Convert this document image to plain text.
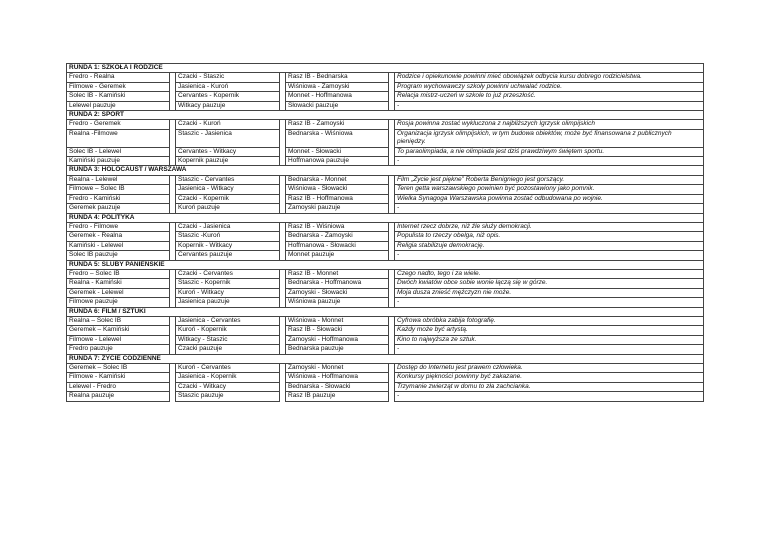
RUNDA 1: SZKOŁA I RODZICE						
Fredro - Realna		Czacki - Staszic		Rasz IB - Bednarska		Rodzice i opiekunowie powinni mieć obowiązek odbycia kursu dobrego rodzicielstwa.
Filmowe - Geremek		Jasienica - Kuroń		Wiśniowa - Zamoyski		Program wychowawczy szkoły powinni uchwalać rodzice.
Solec IB - Kamiński		Cervantes - Kopernik		Monnet - Hoffmanowa		Relacja mistrz-uczeń w szkole to już przeszłość.
Lelewel pauzuje		Witkacy pauzuje		Słowacki pauzuje		-
RUNDA 2: SPORT						
Fredro - Geremek		Czacki - Kuroń		Rasz IB - Zamoyski		Rosja powinna zostać wykluczona z najbliższych Igrzysk olimpijskich
Realna -Filmowe		Staszic - Jasienica		Bednarska - Wiśniowa		Organizacja igrzysk olimpijskich, w tym budowa obiektów, może być finansowana z publicznych pieniędzy.
Solec IB - Lelewel		Cervantes - Witkacy		Monnet - Słowacki		To paraolimpiada, a nie olimpiada jest dziś prawdziwym świętem sportu.
Kamiński pauzuje		Kopernik pauzuje		Hoffmanowa pauzuje		-
RUNDA 3: HOLOCAUST / WARSZAWA						
Realna - Lelewel		Staszic - Cervantes		Bednarska - Monnet		Film „Życie jest piękne” Roberta Benigniego jest gorszący.
Filmowe – Solec IB		Jasienica - Witkacy		Wiśniowa - Słowacki		Teren getta warszawskiego powinien być pozostawiony jako pomnik.
Fredro - Kamiński		Czacki - Kopernik		Rasz IB - Hoffmanowa		Wielka Synagoga Warszawska powinna zostać odbudowana po wojnie.
Geremek pauzuje		Kuroń pauzuje		Zamoyski pauzuje		-
RUNDA 4: POLITYKA						
Fredro - Filmowe		Czacki - Jasienica		Rasz IB - Wiśniowa		Internet rzecz dobrze, niż źle służy demokracji.
Geremek - Realna		Staszic -Kuroń		Bednarska - Zamoyski		Populista to rzeczy obelga, niż opis.
Kamiński - Lelewel		Kopernik - Witkacy		Hoffmanowa - Słowacki		Religia stabilizuje demokrację.
Solec IB pauzuje		Cervantes pauzuje		Monnet pauzuje		-
RUNDA 5: ŚLUBY PANIEŃSKIE						
Fredro – Solec IB		Czacki - Cervantes		Rasz IB - Monnet		Czego nadto, tego i za wiele.
Realna - Kamiński		Staszic - Kopernik		Bednarska - Hoffmanowa		Dwóch kwiatów obce sobie wonie łączą się w górze.
Geremek - Lelewel		Kuroń - Witkacy		Zamoyski - Słowacki		Moja dusza znieść mężczyzn nie może.
Filmowe pauzuje		Jasienica pauzuje		Wiśniowa pauzuje		-
RUNDA 6: FILM / SZTUKI						
Realna – Solec IB		Jasienica - Cervantes		Wiśniowa - Monnet		Cyfrowa obróbka zabija fotografię.
Geremek – Kamiński		Kuroń - Kopernik		Rasz IB - Słowacki		Każdy może być artystą.
Filmowe - Lelewel		Witkacy - Staszic		Zamoyski - Hoffmanowa		Kino to najwyższa ze sztuk.
Fredro pauzuje		Czacki pauzuje		Bednarska pauzuje		-
RUNDA 7: ŻYCIE CODZIENNE						
Geremek – Solec IB		Kuroń - Cervantes		Zamoyski - Monnet		Dostęp do Internetu jest prawem człowieka.
Filmowe - Kamiński		Jasienica - Kopernik		Wiśniowa - Hoffmanowa		Konkursy piękności powinny być zakazane.
Lelewel - Fredro		Czacki - Witkacy		Bednarska - Słowacki		Trzymanie zwierząt w domu to zła zachcianka.
Realna pauzuje		Staszic pauzuje		Rasz IB pauzuje		-
